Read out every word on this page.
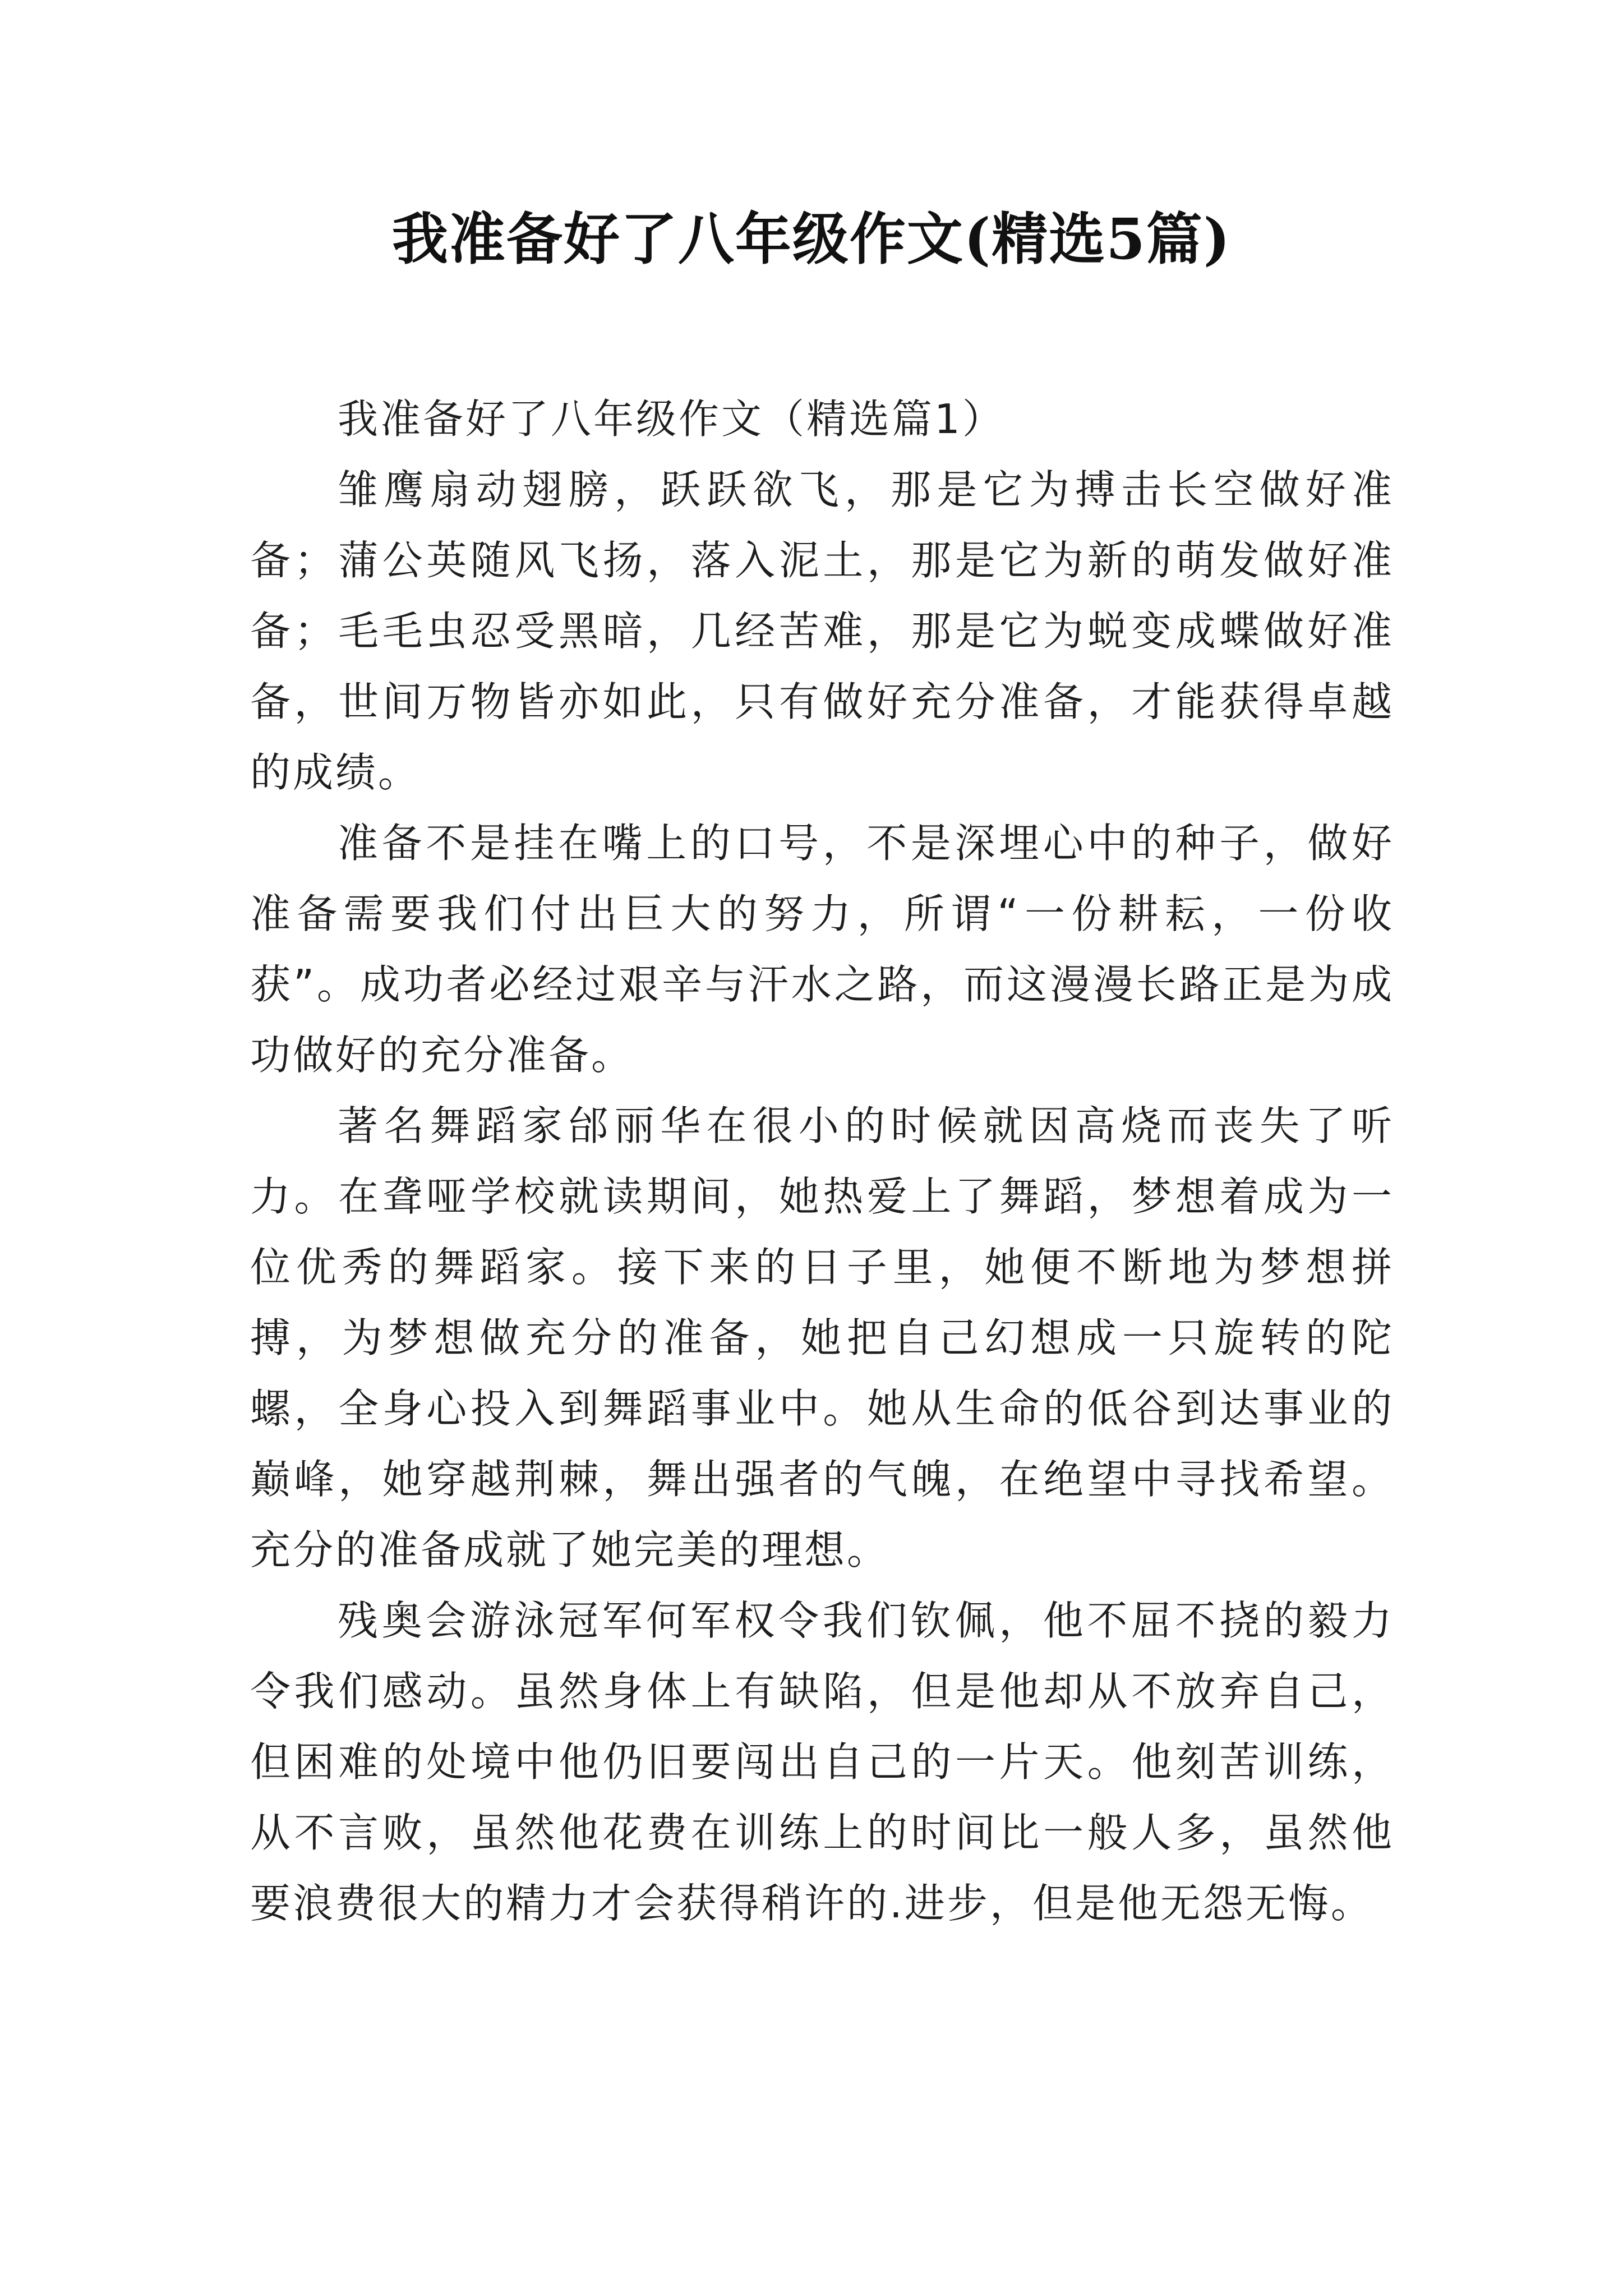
我准备好了八年级作文(精选5篇)

我准备好了八年级作文（精选篇1）

雏鹰扇动翅膀，跃跃欲飞，那是它为搏击长空做好准备；蒲公英随风飞扬，落入泥土，那是它为新的萌发做好准备；毛毛虫忍受黑暗，几经苦难，那是它为蜕变成蝶做好准备，世间万物皆亦如此，只有做好充分准备，才能获得卓越的成绩。

准备不是挂在嘴上的口号，不是深埋心中的种子，做好准备需要我们付出巨大的努力，所谓“一份耕耘，一份收获”。成功者必经过艰辛与汗水之路，而这漫漫长路正是为成功做好的充分准备。

著名舞蹈家邰丽华在很小的时候就因高烧而丧失了听力。在聋哑学校就读期间，她热爱上了舞蹈，梦想着成为一位优秀的舞蹈家。接下来的日子里，她便不断地为梦想拼搏，为梦想做充分的准备，她把自己幻想成一只旋转的陀螺，全身心投入到舞蹈事业中。她从生命的低谷到达事业的巅峰，她穿越荆棘，舞出强者的气魄，在绝望中寻找希望。充分的准备成就了她完美的理想。

残奥会游泳冠军何军权令我们钦佩，他不屈不挠的毅力令我们感动。虽然身体上有缺陷，但是他却从不放弃自己，但困难的处境中他仍旧要闯出自己的一片天。他刻苦训练，从不言败，虽然他花费在训练上的时间比一般人多，虽然他要浪费很大的精力才会获得稍许的.进步，但是他无怨无悔。
